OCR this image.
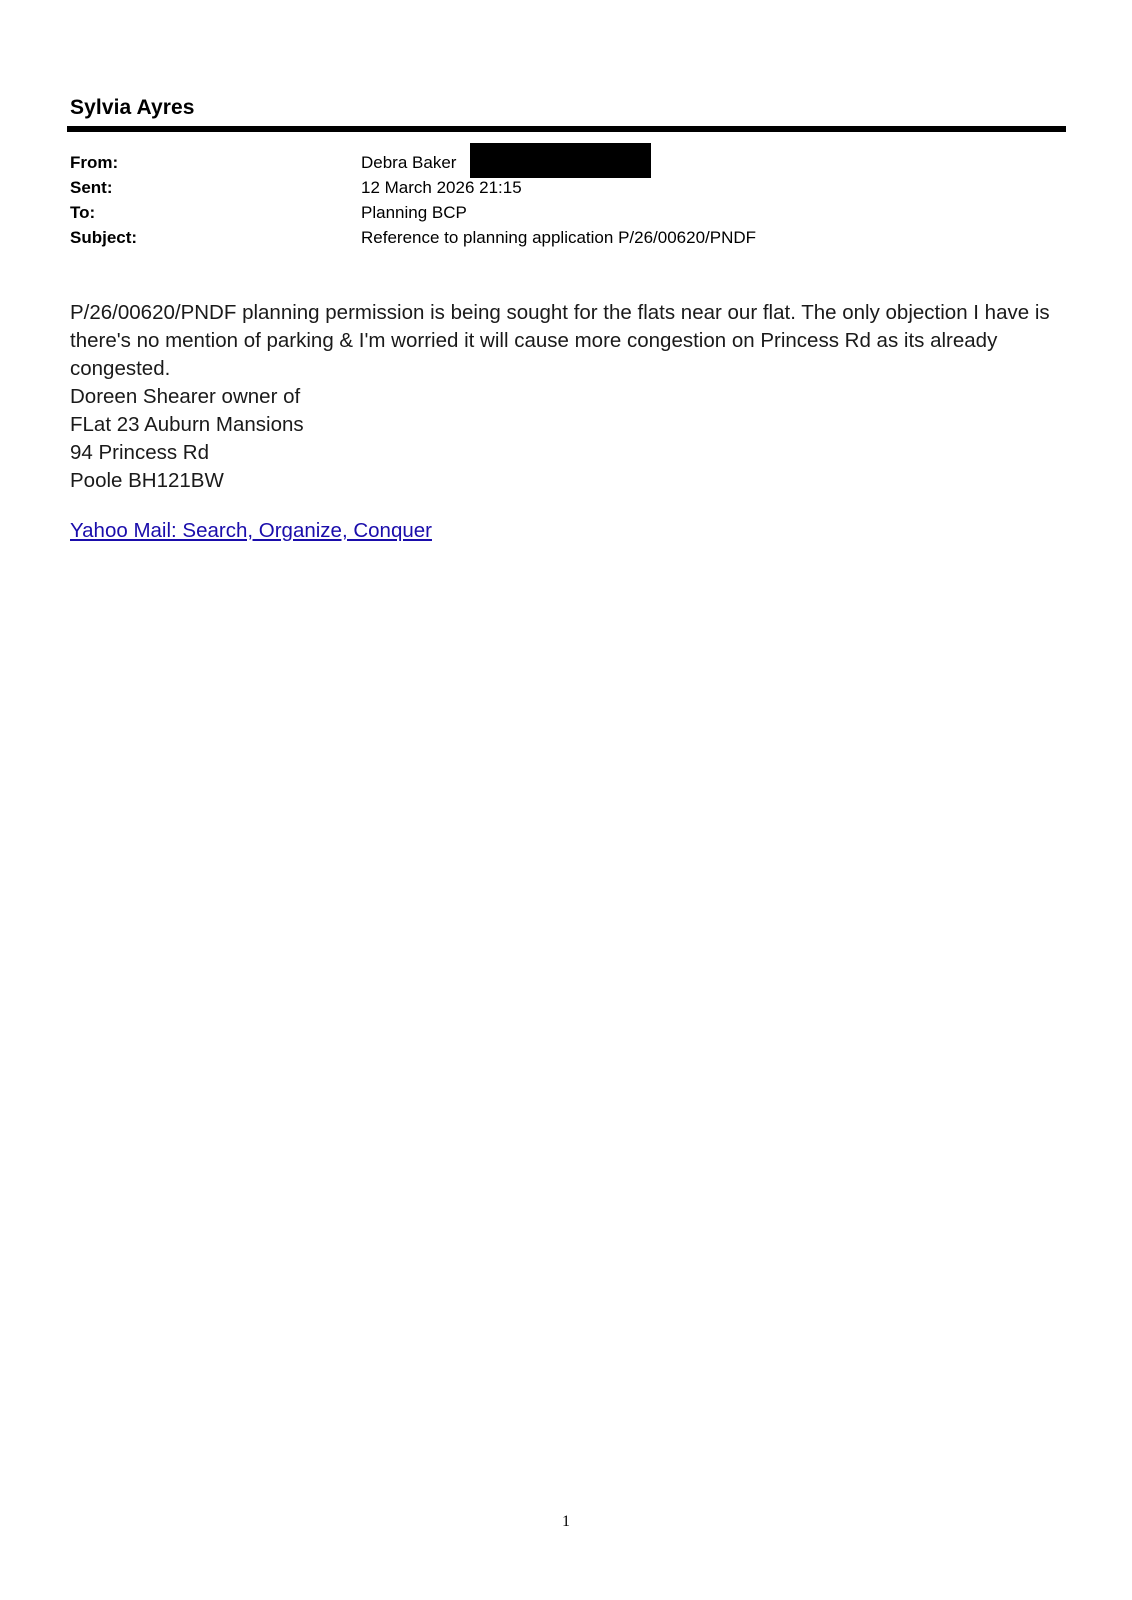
Sylvia Ayres
From:	Debra Baker
Sent:	12 March 2026 21:15
To:	Planning BCP
Subject:	Reference to planning application P/26/00620/PNDF

P/26/00620/PNDF planning permission is being sought for the flats near our flat. The only objection I have is there's no mention of parking & I'm worried it will cause more congestion on Princess Rd as its already congested.

Doreen Shearer owner of
FLat 23 Auburn Mansions
94 Princess Rd
Poole BH121BW
Yahoo Mail: Search, Organize, Conquer
1
